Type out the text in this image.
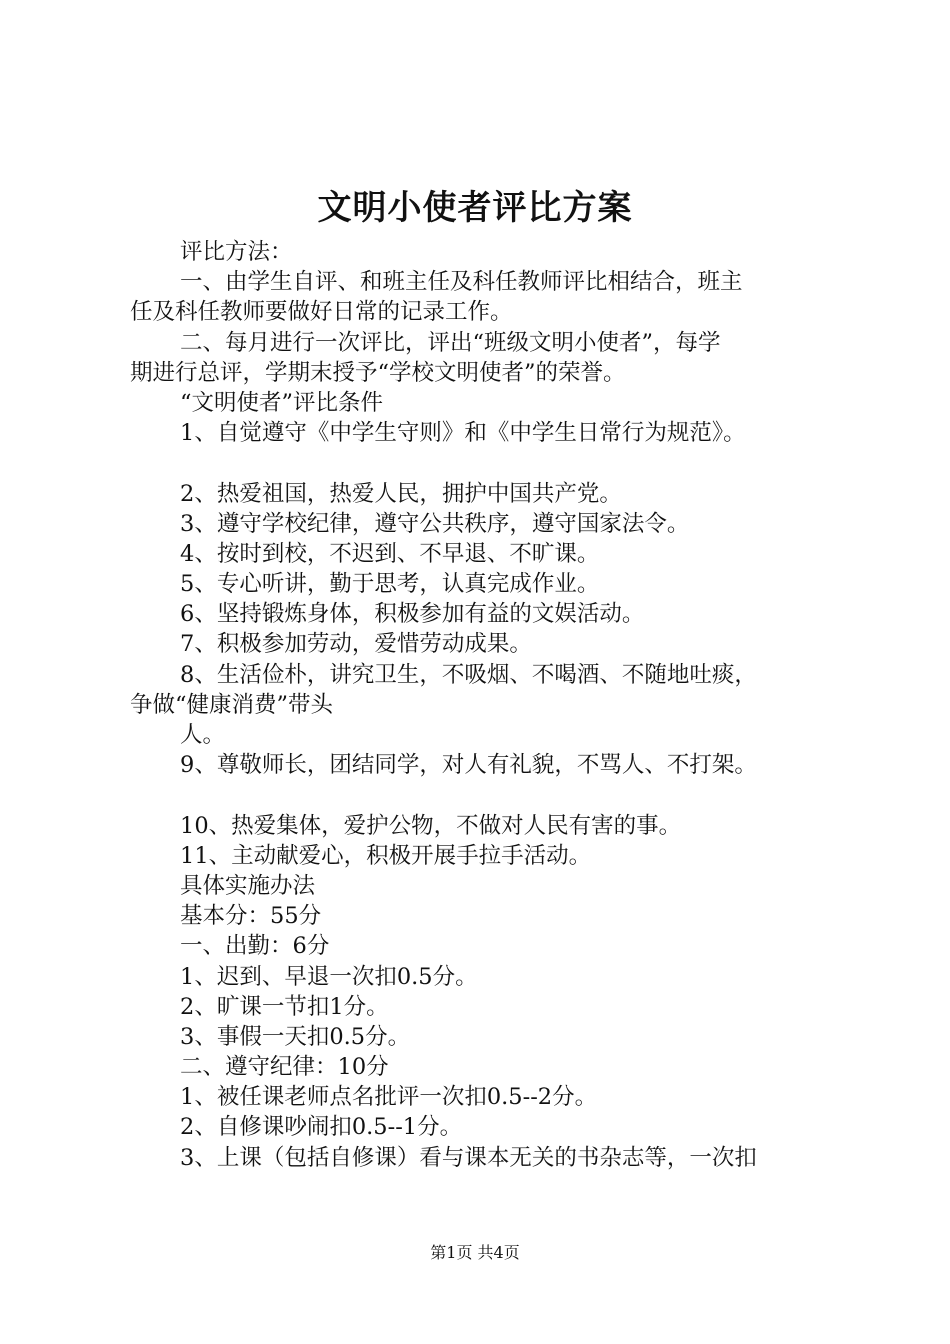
文明小使者评比方案
评比方法：
一、由学生自评、和班主任及科任教师评比相结合，班主
任及科任教师要做好日常的记录工作。
二、每月进行一次评比，评出“班级文明小使者”，每学
期进行总评，学期末授予“学校文明使者”的荣誉。
“文明使者”评比条件
1、自觉遵守《中学生守则》和《中学生日常行为规范》。
2、热爱祖国，热爱人民，拥护中国共产党。
3、遵守学校纪律，遵守公共秩序，遵守国家法令。
4、按时到校，不迟到、不早退、不旷课。
5、专心听讲，勤于思考，认真完成作业。
6、坚持锻炼身体，积极参加有益的文娱活动。
7、积极参加劳动，爱惜劳动成果。
8、生活俭朴，讲究卫生，不吸烟、不喝酒、不随地吐痰，
争做“健康消费”带头
人。
9、尊敬师长，团结同学，对人有礼貌，不骂人、不打架。
10、热爱集体，爱护公物，不做对人民有害的事。
11、主动献爱心，积极开展手拉手活动。
具体实施办法
基本分：55分
一、出勤：6分
1、迟到、早退一次扣0.5分。
2、旷课一节扣1分。
3、事假一天扣0.5分。
二、遵守纪律：10分
1、被任课老师点名批评一次扣0.5--2分。
2、自修课吵闹扣0.5--1分。
3、上课（包括自修课）看与课本无关的书杂志等，一次扣
第1页 共4页
